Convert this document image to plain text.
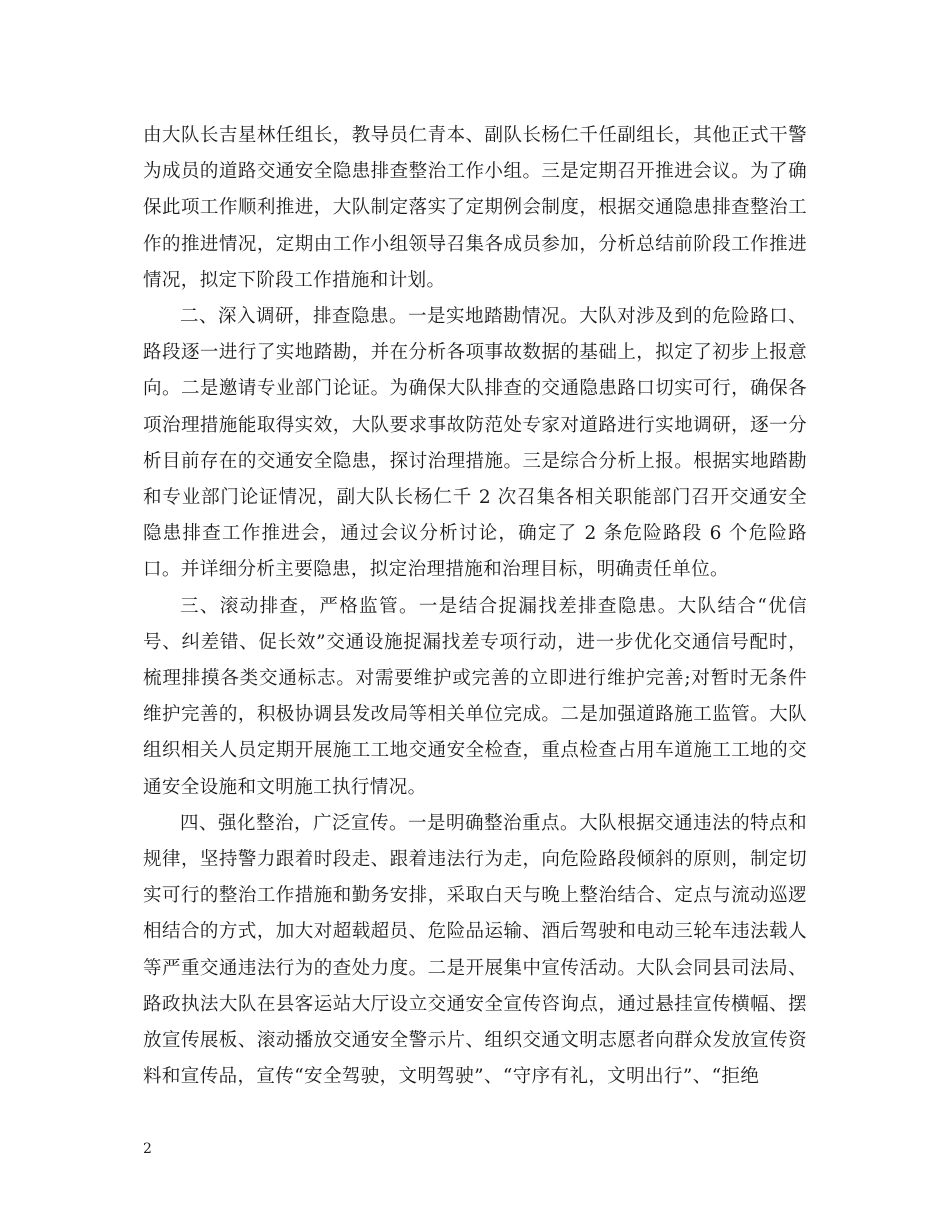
由大队长吉星林任组长，教导员仁青本、副队长杨仁千任副组长，其他正式干警为成员的道路交通安全隐患排查整治工作小组。三是定期召开推进会议。为了确保此项工作顺利推进，大队制定落实了定期例会制度，根据交通隐患排查整治工作的推进情况，定期由工作小组领导召集各成员参加，分析总结前阶段工作推进情况，拟定下阶段工作措施和计划。

二、深入调研，排查隐患。一是实地踏勘情况。大队对涉及到的危险路口、路段逐一进行了实地踏勘，并在分析各项事故数据的基础上，拟定了初步上报意向。二是邀请专业部门论证。为确保大队排查的交通隐患路口切实可行，确保各项治理措施能取得实效，大队要求事故防范处专家对道路进行实地调研，逐一分析目前存在的交通安全隐患，探讨治理措施。三是综合分析上报。根据实地踏勘和专业部门论证情况，副大队长杨仁千 2 次召集各相关职能部门召开交通安全隐患排查工作推进会，通过会议分析讨论，确定了 2 条危险路段 6 个危险路口。并详细分析主要隐患，拟定治理措施和治理目标，明确责任单位。

三、滚动排查，严格监管。一是结合捉漏找差排查隐患。大队结合“优信号、纠差错、促长效”交通设施捉漏找差专项行动，进一步优化交通信号配时，梳理排摸各类交通标志。对需要维护或完善的立即进行维护完善;对暂时无条件维护完善的，积极协调县发改局等相关单位完成。二是加强道路施工监管。大队组织相关人员定期开展施工工地交通安全检查，重点检查占用车道施工工地的交通安全设施和文明施工执行情况。

四、强化整治，广泛宣传。一是明确整治重点。大队根据交通违法的特点和规律，坚持警力跟着时段走、跟着违法行为走，向危险路段倾斜的原则，制定切实可行的整治工作措施和勤务安排，采取白天与晚上整治结合、定点与流动巡逻相结合的方式，加大对超载超员、危险品运输、酒后驾驶和电动三轮车违法载人等严重交通违法行为的查处力度。二是开展集中宣传活动。大队会同县司法局、路政执法大队在县客运站大厅设立交通安全宣传咨询点，通过悬挂宣传横幅、摆放宣传展板、滚动播放交通安全警示片、组织交通文明志愿者向群众发放宣传资料和宣传品，宣传“安全驾驶，文明驾驶”、“守序有礼，文明出行”、“拒绝

2
